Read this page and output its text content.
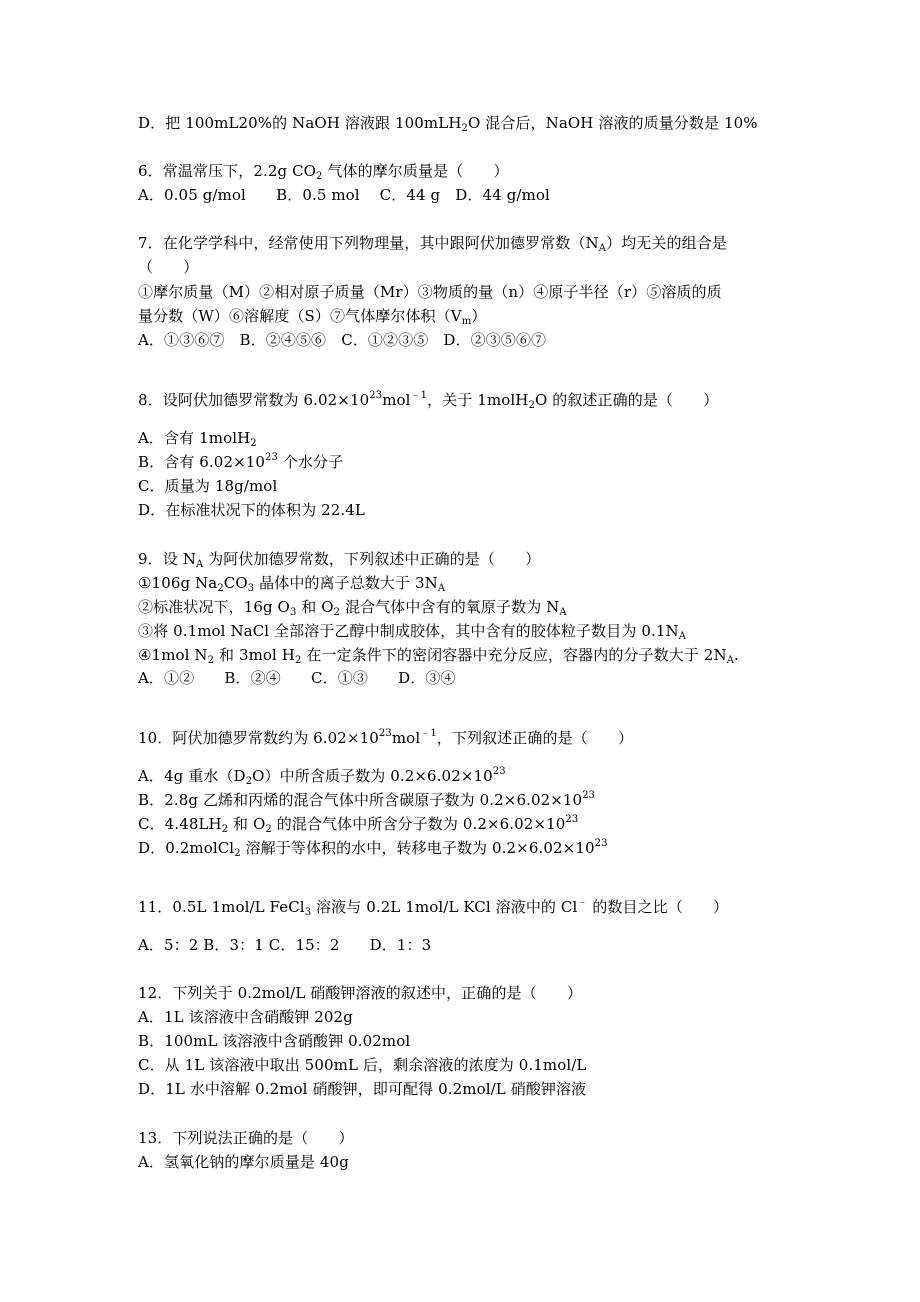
D．把 100mL20%的 NaOH 溶液跟 100mLH$_2$O 混合后，NaOH 溶液的质量分数是 10%
6．常温常压下，2.2g $CO_2$ 气体的摩尔质量是（　　）
A．0.05 g/mol　　B．0.5 mol　 C．44 g　D．44 g/mol
7．在化学学科中，经常使用下列物理量，其中跟阿伏加德罗常数$(N_A)$均无关的组合是
（　　）
①摩尔质量（M）②相对原子质量（Mr）③物质的量（n）④原子半径（r）⑤溶质的质
量分数（W）⑥溶解度（S）⑦气体摩尔体积$(V_m)$
A．①③⑥⑦　B．②④⑤⑥　C．①②③⑤　D．②③⑤⑥⑦
8．设阿伏加德罗常数为 $6.02\times 10^{23}mol^{﹣1}$，关于 1molH$_2$O 的叙述正确的是（　　）
A．含有 1molH$_2$
B．含有 $6.02\times 10^{23}$ 个水分子
C．质量为 18g/mol
D．在标准状况下的体积为 22.4L
9．设 $N_A$ 为阿伏加德罗常数，下列叙述中正确的是（　　）
①106g $Na_2CO_3$ 晶体中的离子总数大于 $3N_A$
②标准状况下，16g $O_3$ 和 $O_2$ 混合气体中含有的氧原子数为 $N_A$
③将 0.1mol NaCl 全部溶于乙醇中制成胶体，其中含有的胶体粒子数目为 $0.1N_A$
④1mol $N_2$ 和 3mol $H_2$ 在一定条件下的密闭容器中充分反应，容器内的分子数大于 $2N_A$.
A．①②　　B．②④　　C．①③　　D．③④
10．阿伏加德罗常数约为 $6.02\times 10^{23}mol^{﹣1}$，下列叙述正确的是（　　）
A．4g 重水$(D_2O)$中所含质子数为 $0.2\times 6.02\times 10^{23}$
B．2.8g 乙烯和丙烯的混合气体中所含碳原子数为 $0.2\times 6.02\times 10^{23}$
C．$4.48LH_2$ 和 $O_2$ 的混合气体中所含分子数为 $0.2\times 6.02\times 10^{23}$
D．0.2molCl$_2$ 溶解于等体积的水中，转移电子数为 $0.2\times 6.02\times 10^{23}$
11．0.5L 1mol/L FeCl$_3$ 溶液与 0.2L 1mol/L KCl 溶液中的 Cl﹣ 的数目之比（　　）
A．5：2 B．3：1 C．15：2　　D．1：3
12．下列关于 0.2mol/L 硝酸钾溶液的叙述中，正确的是（　　）
A．1L 该溶液中含硝酸钾 202g
B．100mL 该溶液中含硝酸钾 0.02mol
C．从 1L 该溶液中取出 500mL 后，剩余溶液的浓度为 0.1mol/L
D．1L 水中溶解 0.2mol 硝酸钾，即可配得 0.2mol/L 硝酸钾溶液
13．下列说法正确的是（　　）
A．氢氧化钠的摩尔质量是 40g
